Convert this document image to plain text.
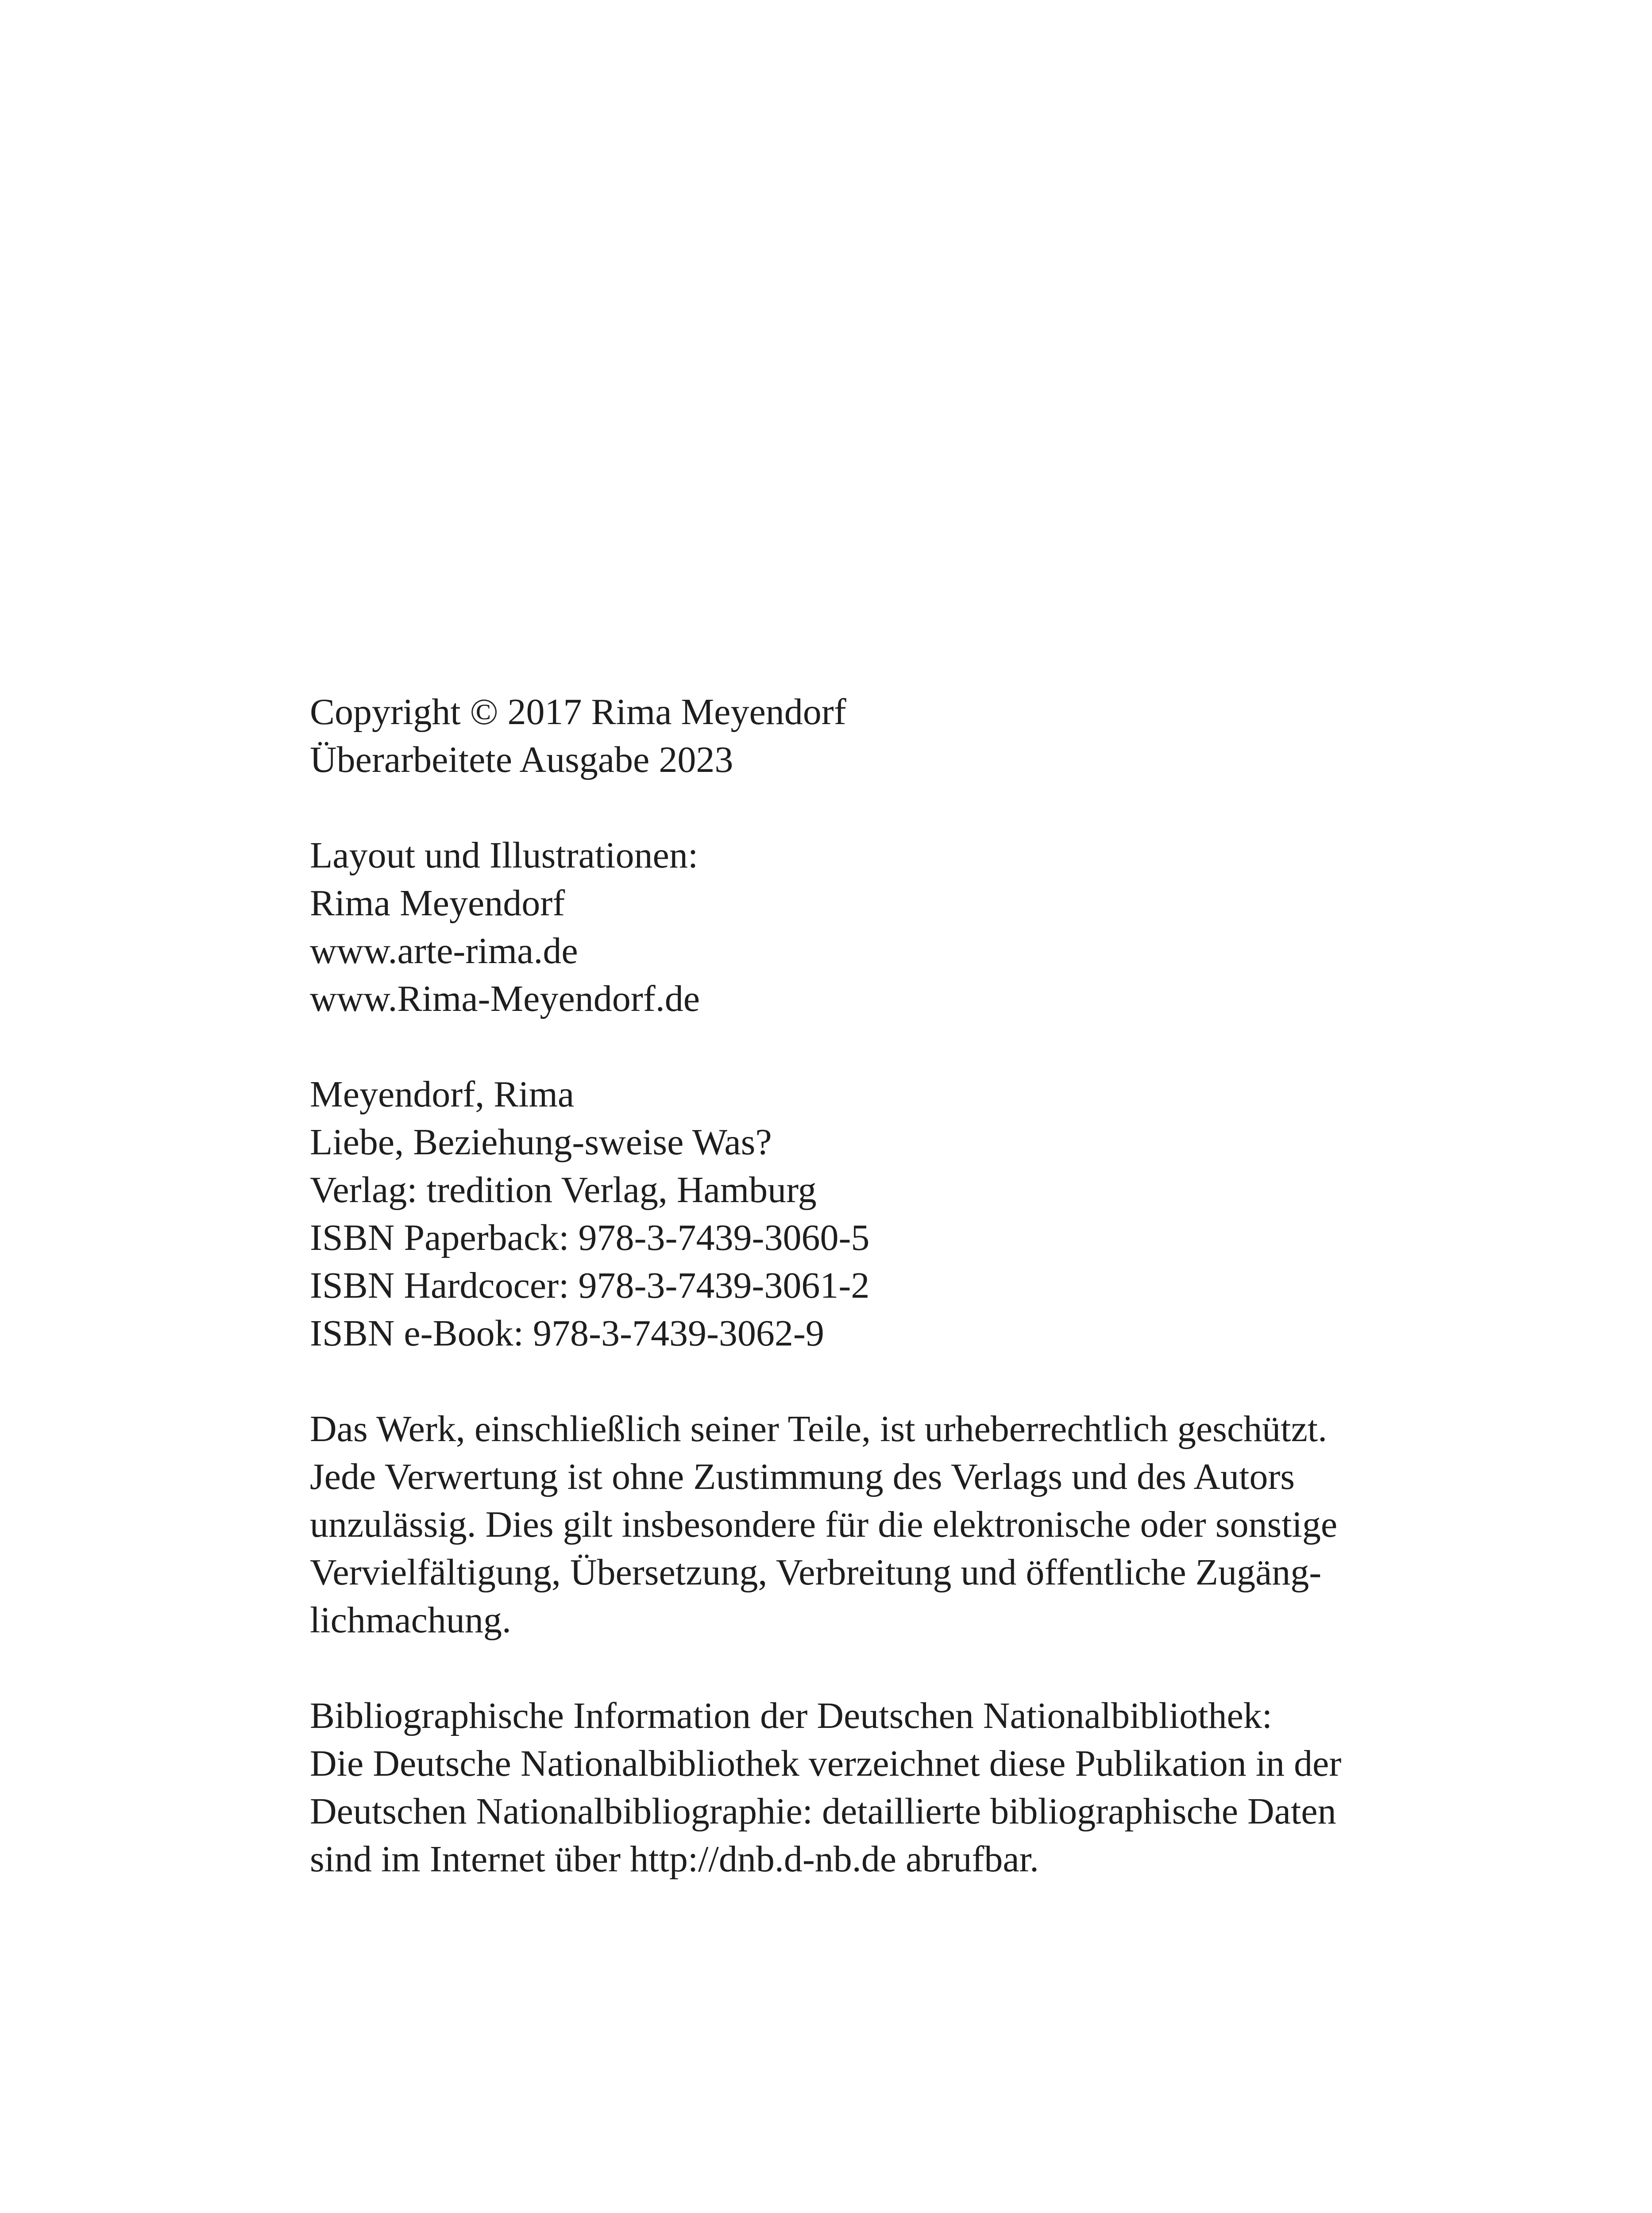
Copyright © 2017 Rima Meyendorf
Überarbeitete Ausgabe 2023
Layout und Illustrationen:
Rima Meyendorf
www.arte-rima.de
www.Rima-Meyendorf.de
Meyendorf, Rima
Liebe, Beziehung-sweise Was?
Verlag: tredition Verlag, Hamburg
ISBN Paperback: 978-3-7439-3060-5
ISBN Hardcocer: 978-3-7439-3061-2
ISBN e-Book: 978-3-7439-3062-9
Das Werk, einschließlich seiner Teile, ist urheberrechtlich geschützt.
Jede Verwertung ist ohne Zustimmung des Verlags und des Autors
unzulässig. Dies gilt insbesondere für die elektronische oder sonstige
Vervielfältigung, Übersetzung, Verbreitung und öffentliche Zugäng-
lichmachung.
Bibliographische Information der Deutschen Nationalbibliothek:
Die Deutsche Nationalbibliothek verzeichnet diese Publikation in der
Deutschen Nationalbibliographie: detaillierte bibliographische Daten
sind im Internet über http://dnb.d-nb.de abrufbar.
